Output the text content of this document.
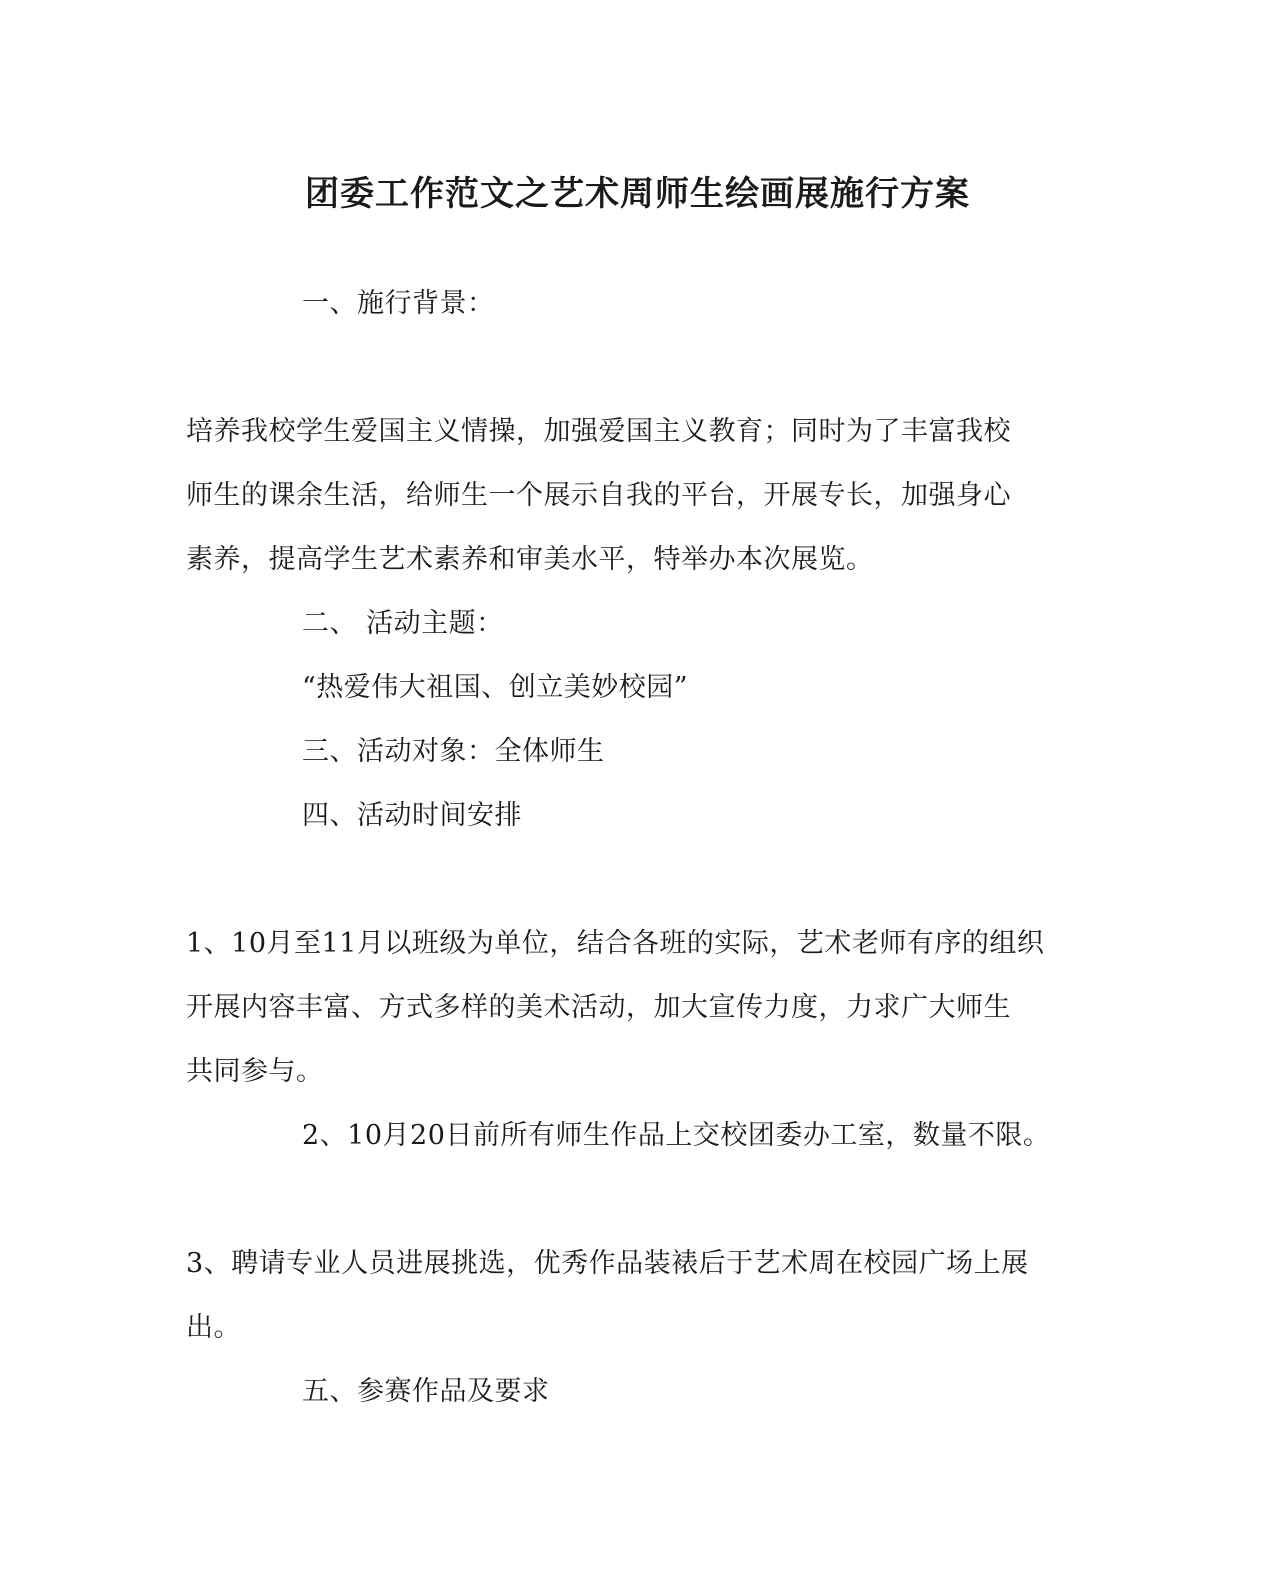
团委工作范文之艺术周师生绘画展施行方案

一、施行背景：

培养我校学生爱国主义情操，加强爱国主义教育；同时为了丰富我校

师生的课余生活，给师生一个展示自我的平台，开展专长，加强身心

素养，提高学生艺术素养和审美水平，特举办本次展览。

二、 活动主题：

“热爱伟大祖国、创立美妙校园”

三、活动对象：全体师生

四、活动时间安排

1、10月至11月以班级为单位，结合各班的实际，艺术老师有序的组织

开展内容丰富、方式多样的美术活动，加大宣传力度，力求广大师生

共同参与。

2、10月20日前所有师生作品上交校团委办工室，数量不限。

3、聘请专业人员进展挑选，优秀作品装裱后于艺术周在校园广场上展

出。

五、参赛作品及要求
